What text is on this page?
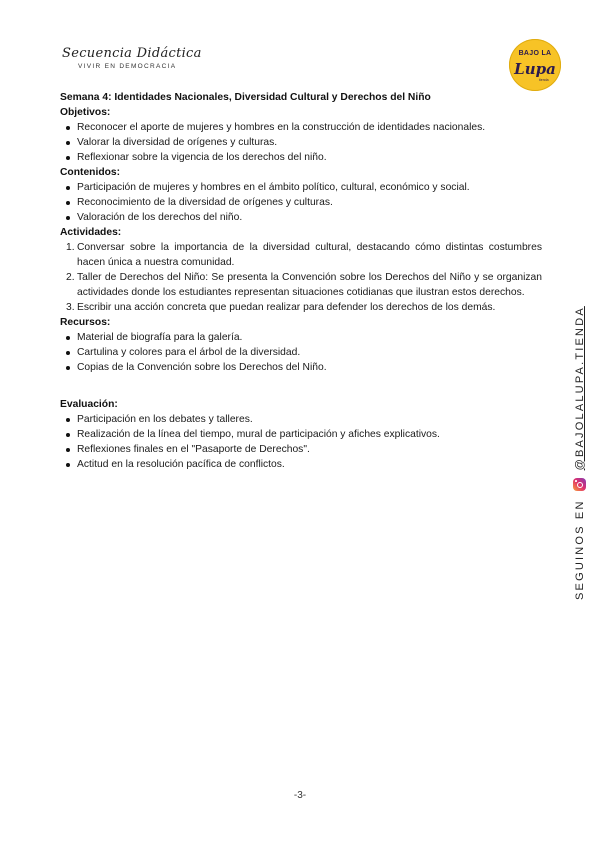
Secuencia Didáctica
VIVIR EN DEMOCRACIA
BAJO LA
Lupa
tienda
Semana 4: Identidades Nacionales, Diversidad Cultural y Derechos del Niño
Objetivos:
Reconocer el aporte de mujeres y hombres en la construcción de identidades nacionales.
Valorar la diversidad de orígenes y culturas.
Reflexionar sobre la vigencia de los derechos del niño.
Contenidos:
Participación de mujeres y hombres en el ámbito político, cultural, económico y social.
Reconocimiento de la diversidad de orígenes y culturas.
Valoración de los derechos del niño.
Actividades:
1. Conversar sobre la importancia de la diversidad cultural, destacando cómo distintas costumbres hacen única a nuestra comunidad.
2. Taller de Derechos del Niño: Se presenta la Convención sobre los Derechos del Niño y se organizan actividades donde los estudiantes representan situaciones cotidianas que ilustran estos derechos.
3. Escribir una acción concreta que puedan realizar para defender los derechos de los demás.
Recursos:
Material de biografía para la galería.
Cartulina y colores para el árbol de la diversidad.
Copias de la Convención sobre los Derechos del Niño.
Evaluación:
Participación en los debates y talleres.
Realización de la línea del tiempo, mural de participación y afiches explicativos.
Reflexiones finales en el "Pasaporte de Derechos".
Actitud en la resolución pacífica de conflictos.
SEGUINOS EN
@BAJOLALUPA.TIENDA
-3-
